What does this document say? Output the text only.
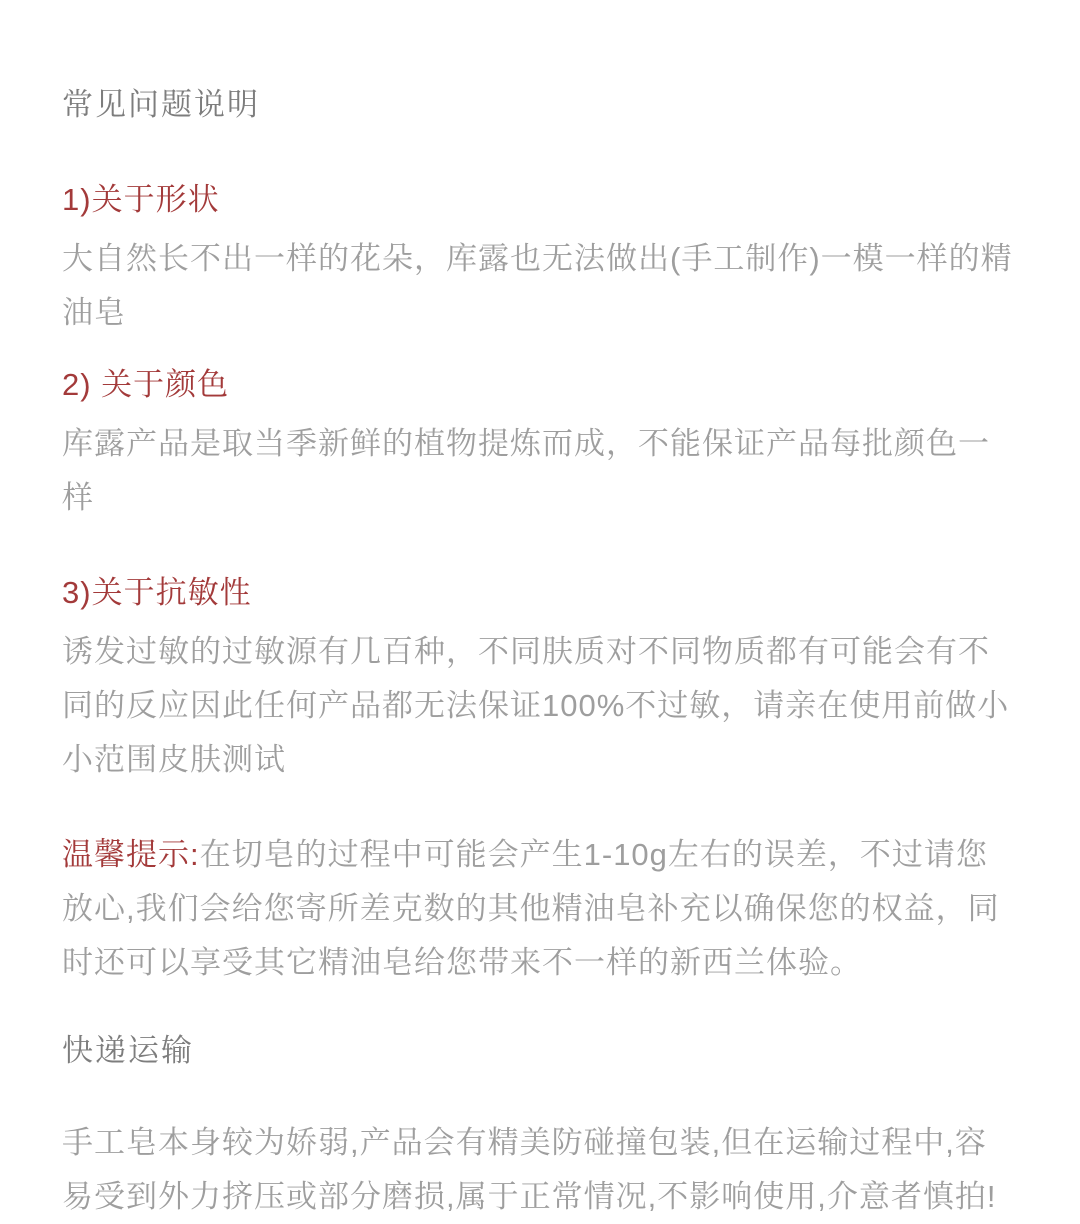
常见问题说明
1)关于形状
大自然长不出一样的花朵，库露也无法做出(手工制作)一模一样的精油皂
2) 关于颜色
库露产品是取当季新鲜的植物提炼而成，不能保证产品每批颜色一样
3)关于抗敏性
诱发过敏的过敏源有几百种，不同肤质对不同物质都有可能会有不同的反应因此任何产品都无法保证100%不过敏，请亲在使用前做小小范围皮肤测试
温馨提示:在切皂的过程中可能会产生1-10g左右的误差，不过请您放心,我们会给您寄所差克数的其他精油皂补充以确保您的权益，同时还可以享受其它精油皂给您带来不一样的新西兰体验。
快递运输
手工皂本身较为娇弱,产品会有精美防碰撞包装,但在运输过程中,容易受到外力挤压或部分磨损,属于正常情况,不影响使用,介意者慎拍!
